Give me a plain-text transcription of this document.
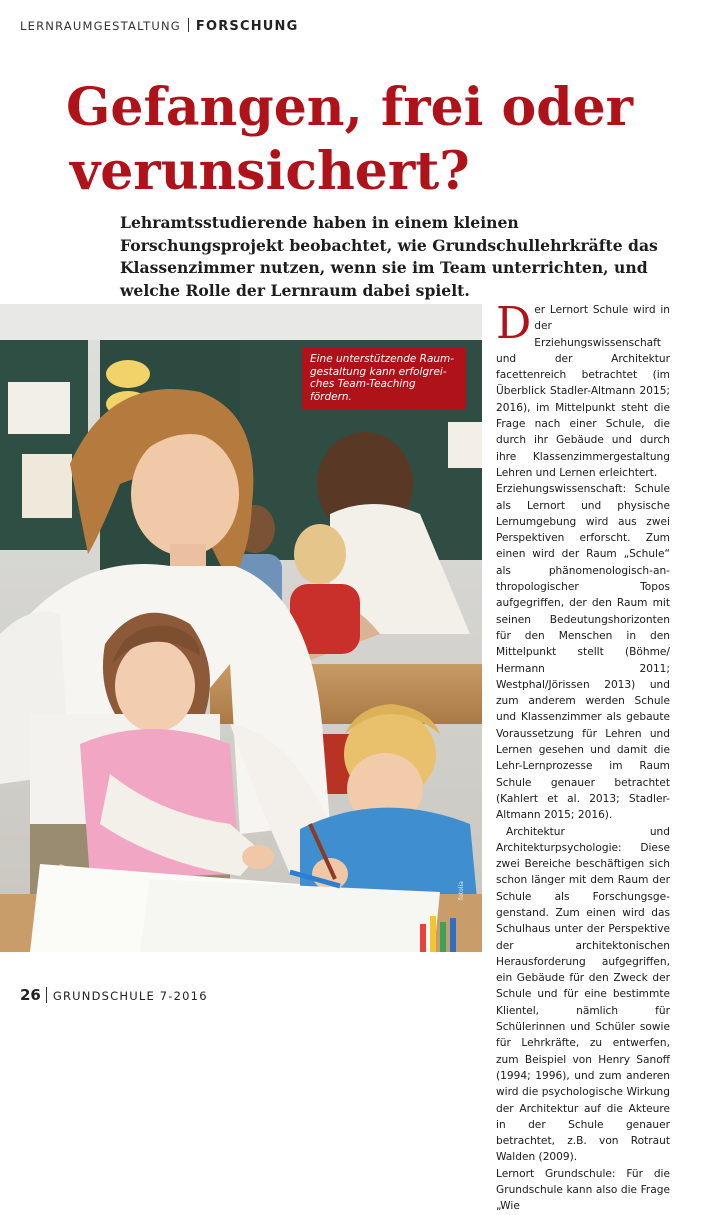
LERNRAUMGESTALTUNG FORSCHUNG
Gefangen, frei oder
verunsichert?

Lehramtsstudierende haben in einem kleinen Forschungsprojekt beobachtet, wie Grundschullehrkräfte das Klassenzimmer nutzen, wenn sie im Team unterrichten, und welche Rolle der Lernraum dabei spielt.

Eine unterstützende Raumgestaltung kann erfolgreiches Team-Teaching fördern.
fotolia
D er Lernort Schule wird in der Erziehungswissenschaft und der Architektur facettenreich betrachtet (im Überblick Stadler-Altmann 2015; 2016), im Mittelpunkt steht die Frage nach einer Schule, die durch ihr Gebäude und durch ihre Klassenzimmergestaltung Lehren und Lernen erleichtert.

Erziehungswissenschaft: Schule als Lernort und physische Lernumgebung wird aus zwei Perspektiven erforscht. Zum einen wird der Raum „Schule“ als phänomenologisch-anthropologischer Topos aufgegriffen, der den Raum mit seinen Bedeutungshorizonten für den Menschen in den Mittelpunkt stellt (Böhme/ Hermann 2011; Westphal/Jörissen 2013) und zum anderem werden Schule und Klassenzimmer als gebaute Voraussetzung für Lehren und Lernen gesehen und damit die Lehr-Lernprozesse im Raum Schule genauer betrachtet (Kahlert et al. 2013; Stadler-Altmann 2015; 2016).

Architektur und Architekturpsychologie: Diese zwei Bereiche beschäftigen sich schon länger mit dem Raum der Schule als Forschungsgegenstand. Zum einen wird das Schulhaus unter der Perspektive der architektonischen Herausforderung aufgegriffen, ein Gebäude für den Zweck der Schule und für eine bestimmte Klientel, nämlich für Schülerinnen und Schüler sowie für Lehrkräfte, zu entwerfen, zum Beispiel von Henry Sanoff (1994; 1996), und zum anderen wird die psychologische Wirkung der Architektur auf die Akteure in der Schule genauer betrachtet, z.B. von Rotraut Walden (2009).

Lernort Grundschule: Für die Grundschule kann also die Frage „Wie

26 GRUNDSCHULE 7-2016
